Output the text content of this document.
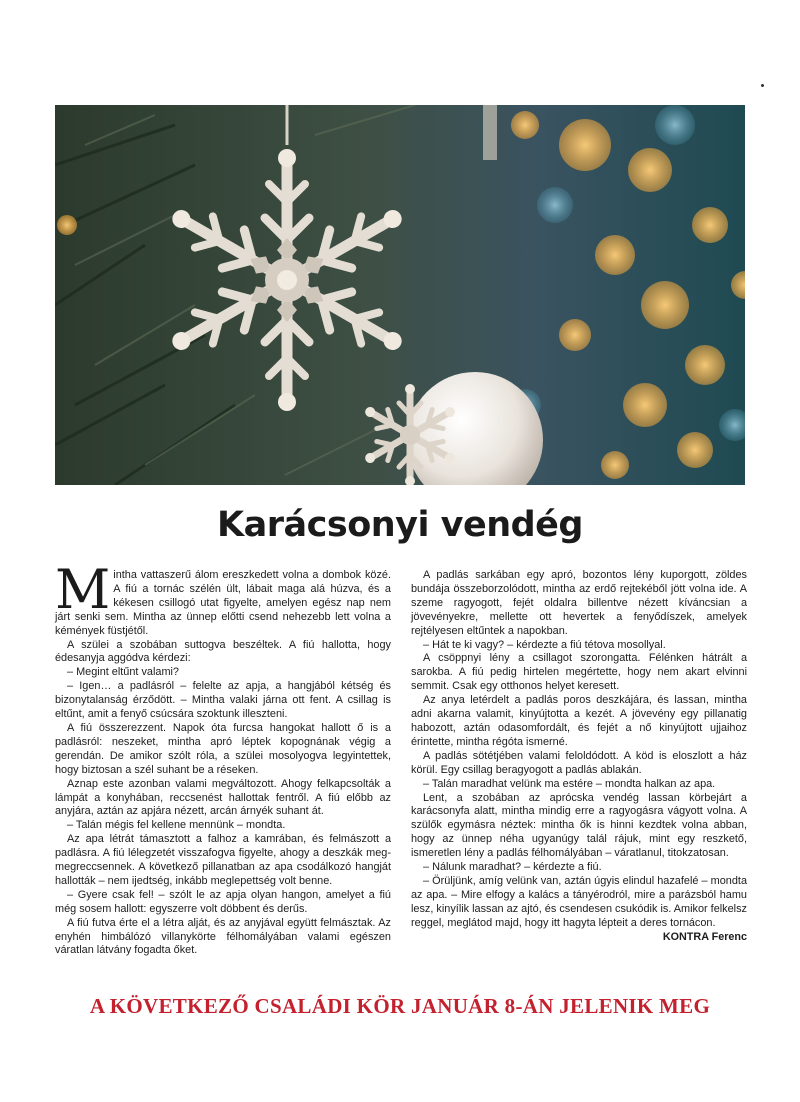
Karácsonyi vendég

Mintha vattaszerű álom ereszkedett volna a dombok közé. A fiú a tornác szélén ült, lábait maga alá húzva, és a kékesen csillogó utat figyelte, amelyen egész nap nem járt senki sem. Mintha az ünnep előtti csend nehezebb lett volna a kémények füstjétől.

A szülei a szobában suttogva beszéltek. A fiú hallotta, hogy édesanyja aggódva kérdezi:

– Megint eltűnt valami?

– Igen… a padlásról – felelte az apja, a hangjából kétség és bizonytalanság érződött. – Mintha valaki járna ott fent. A csillag is eltűnt, amit a fenyő csúcsára szoktunk illeszteni.

A fiú összerezzent. Napok óta furcsa hangokat hallott ő is a padlásról: neszeket, mintha apró léptek kopognának végig a gerendán. De amikor szólt róla, a szülei mosolyogva legyintettek, hogy biztosan a szél suhant be a réseken.

Aznap este azonban valami megváltozott. Ahogy felkapcsolták a lámpát a konyhában, reccsenést hallottak fentről. A fiú előbb az anyjára, aztán az apjára nézett, arcán árnyék suhant át.

– Talán mégis fel kellene mennünk – mondta.

Az apa létrát támasztott a falhoz a kamrában, és felmászott a padlásra. A fiú lélegzetét visszafogva figyelte, ahogy a deszkák meg-megreccsennek. A következő pillanatban az apa csodálkozó hangját hallották – nem ijedtség, inkább meglepettség volt benne.

– Gyere csak fel! – szólt le az apja olyan hangon, amelyet a fiú még sosem hallott: egyszerre volt döbbent és derűs.

A fiú futva érte el a létra alját, és az anyjával együtt felmásztak. Az enyhén himbálózó villanykörte félhomályában valami egészen váratlan látvány fogadta őket.

A padlás sarkában egy apró, bozontos lény kuporgott, zöldes bundája összeborzolódott, mintha az erdő rejtekéből jött volna ide. A szeme ragyogott, fejét oldalra billentve nézett kíváncsian a jövevényekre, mellette ott hevertek a fenyődíszek, amelyek rejtélyesen eltűntek a napokban.

– Hát te ki vagy? – kérdezte a fiú tétova mosollyal.

A csöppnyi lény a csillagot szorongatta. Félénken hátrált a sarokba. A fiú pedig hirtelen megértette, hogy nem akart elvinni semmit. Csak egy otthonos helyet keresett.

Az anya letérdelt a padlás poros deszkájára, és lassan, mintha adni akarna valamit, kinyújtotta a kezét. A jövevény egy pillanatig habozott, aztán odasomfordált, és fejét a nő kinyújtott ujjaihoz érintette, mintha régóta ismerné.

A padlás sötétjében valami feloldódott. A köd is eloszlott a ház körül. Egy csillag beragyogott a padlás ablakán.

– Talán maradhat velünk ma estére – mondta halkan az apa.

Lent, a szobában az aprócska vendég lassan körbejárt a karácsonyfa alatt, mintha mindig erre a ragyogásra vágyott volna. A szülők egymásra néztek: mintha ők is hinni kezdtek volna abban, hogy az ünnep néha ugyanúgy talál rájuk, mint egy reszkető, ismeretlen lény a padlás félhomályában – váratlanul, titokzatosan.

– Nálunk maradhat? – kérdezte a fiú.

– Örüljünk, amíg velünk van, aztán úgyis elindul hazafelé – mondta az apa. – Mire elfogy a kalács a tányérodról, mire a parázsból hamu lesz, kinyílik lassan az ajtó, és csendesen csukódik is. Amikor felkelsz reggel, meglátod majd, hogy itt hagyta lépteit a deres tornácon.

KONTRA Ferenc

A KÖVETKEZŐ CSALÁDI KÖR JANUÁR 8-ÁN JELENIK MEG
